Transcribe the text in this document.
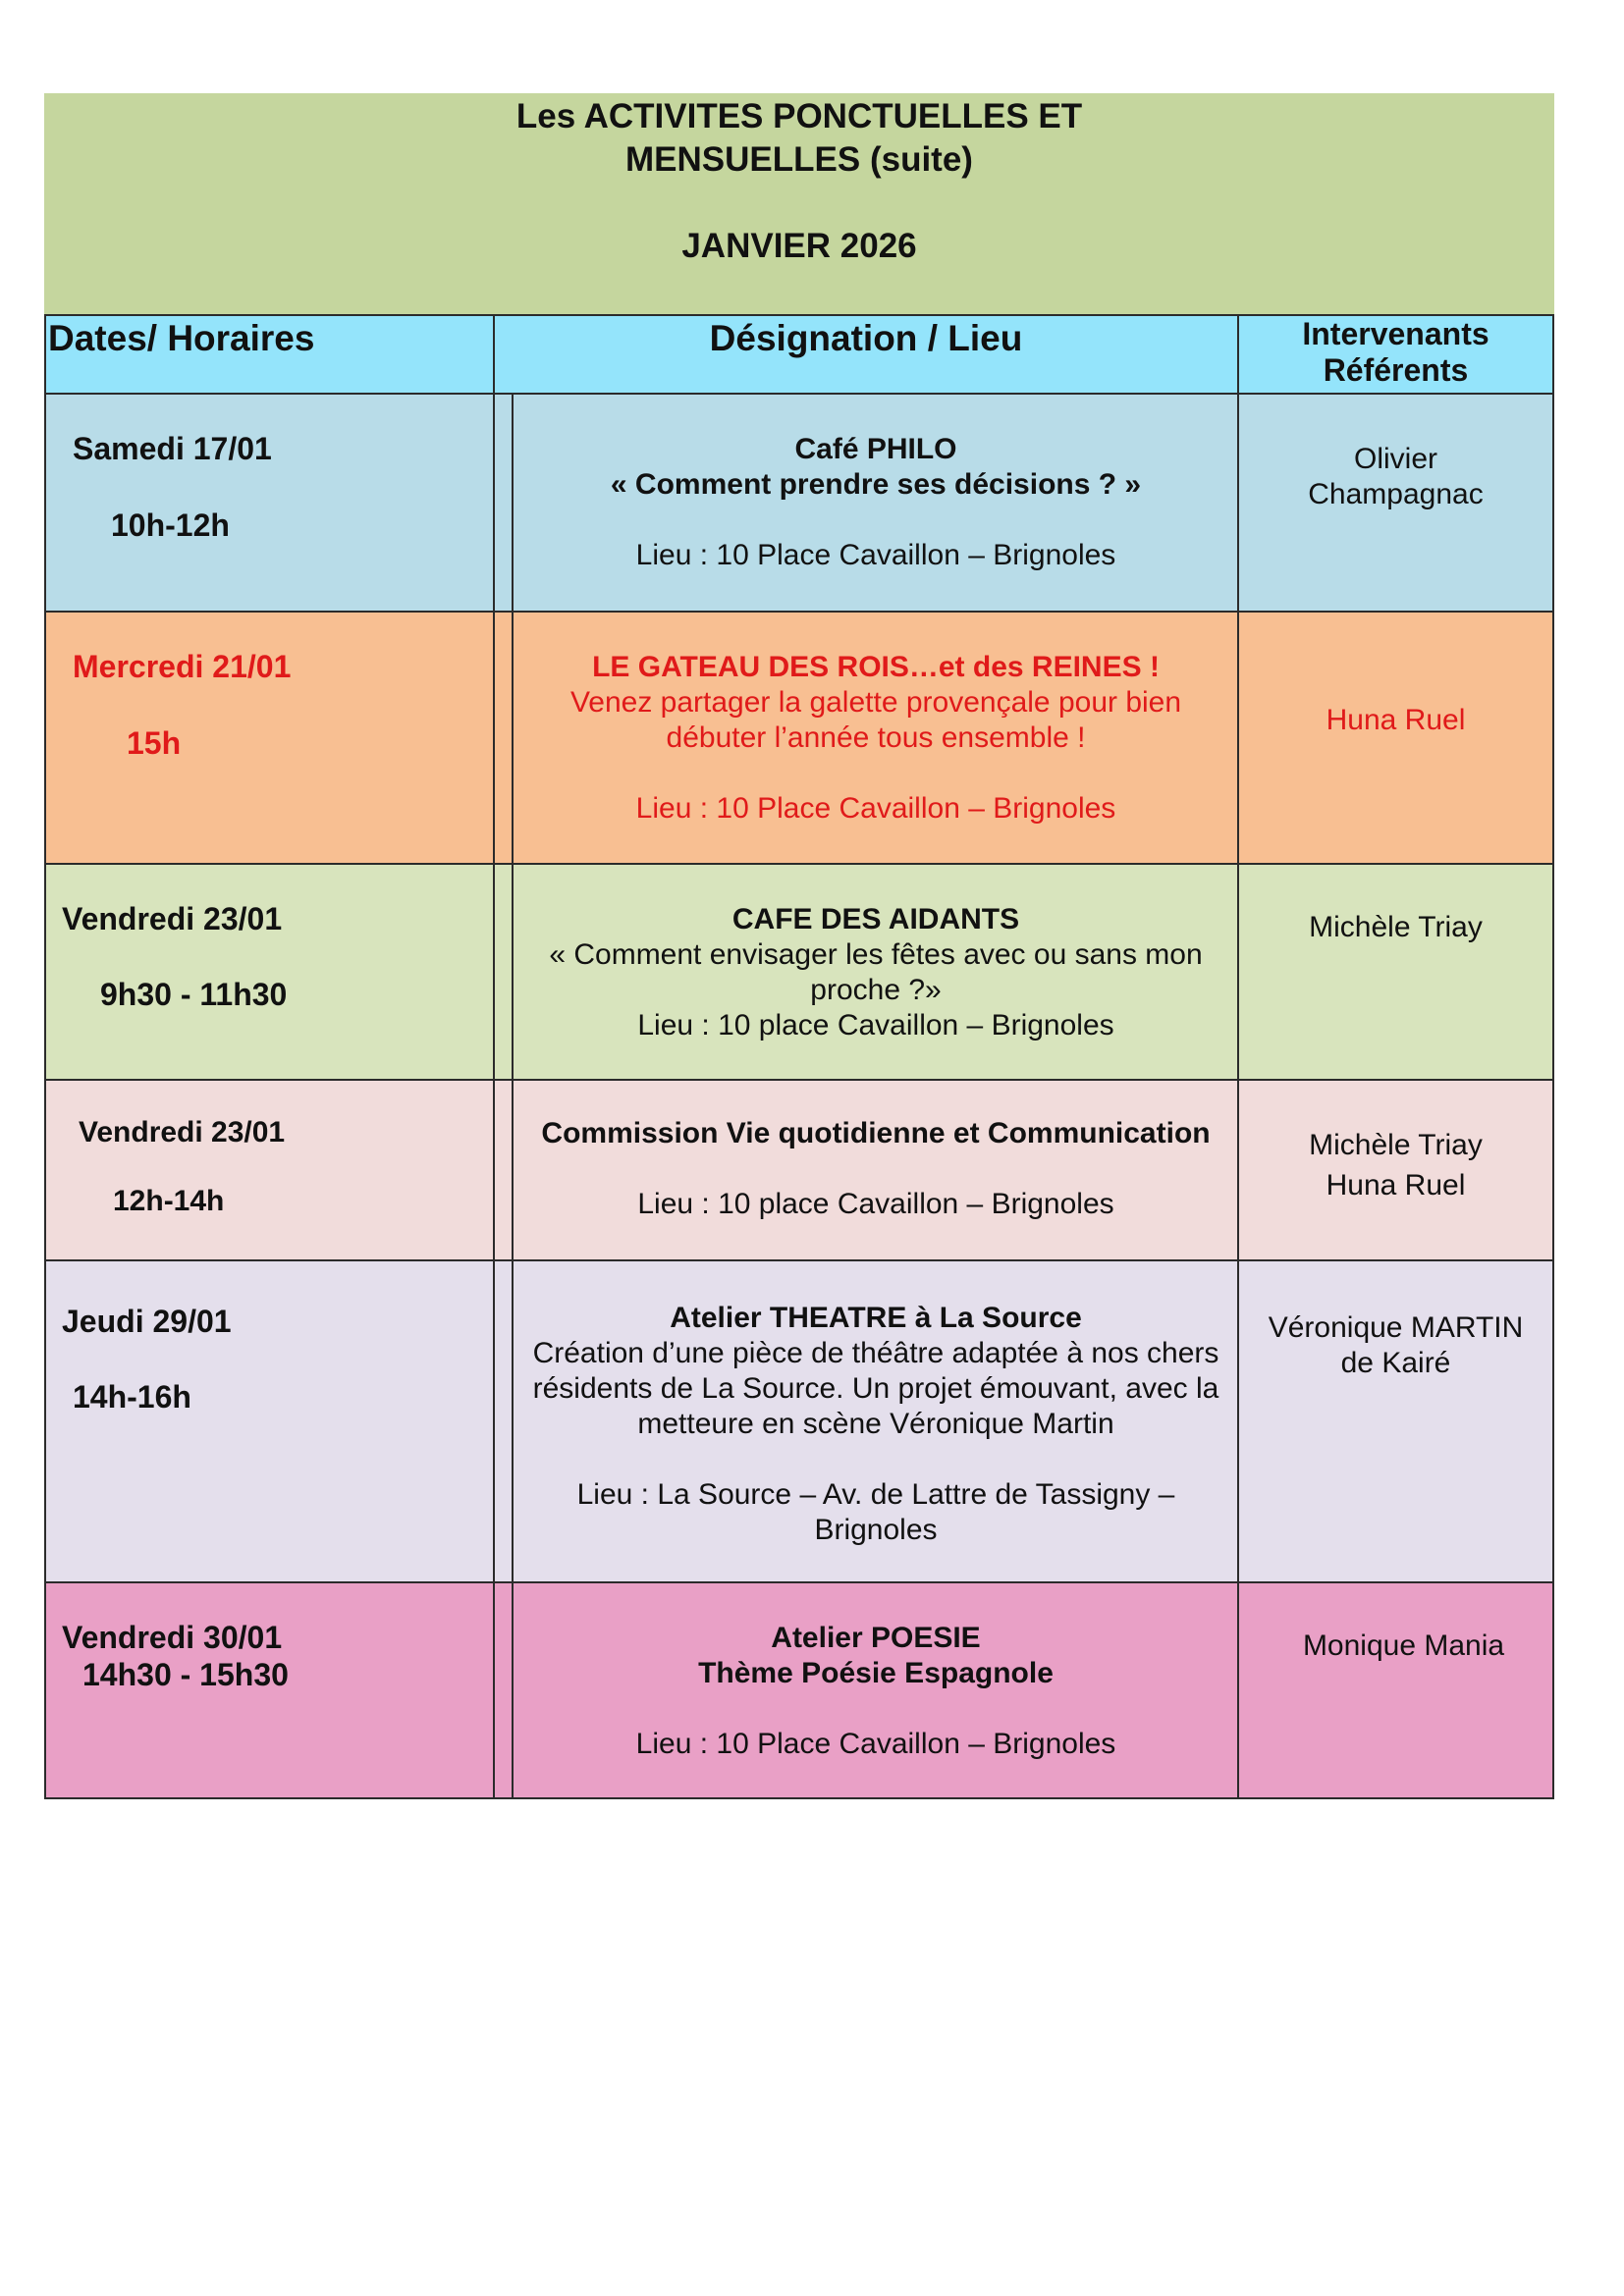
Les ACTIVITES PONCTUELLES ET
MENSUELLES (suite)
JANVIER 2026
Dates/ Horaires	Désignation / Lieu	Intervenants
Référents
Samedi 17/01
10h-12h
Café PHILO
« Comment prendre ses décisions ? »
Lieu : 10 Place Cavaillon – Brignoles
Olivier
Champagnac
Mercredi 21/01
15h
LE GATEAU DES ROIS…et des REINES !
Venez partager la galette provençale pour bien
débuter l’année tous ensemble !
Lieu : 10 Place Cavaillon – Brignoles
Huna Ruel
Vendredi 23/01
9h30 - 11h30
CAFE DES AIDANTS
« Comment envisager les fêtes avec ou sans mon
proche ?»
Lieu : 10 place Cavaillon – Brignoles
Michèle Triay
Vendredi 23/01
12h-14h
Commission Vie quotidienne et Communication
Lieu : 10 place Cavaillon – Brignoles
Michèle Triay
Huna Ruel
Jeudi 29/01
14h-16h
Atelier THEATRE à La Source
Création d’une pièce de théâtre adaptée à nos chers
résidents de La Source. Un projet émouvant, avec la
metteure en scène Véronique Martin
Lieu : La Source – Av. de Lattre de Tassigny –
Brignoles
Véronique MARTIN
de Kairé
Vendredi 30/01
14h30 - 15h30
Atelier POESIE
Thème Poésie Espagnole
Lieu : 10 Place Cavaillon – Brignoles
Monique Mania
